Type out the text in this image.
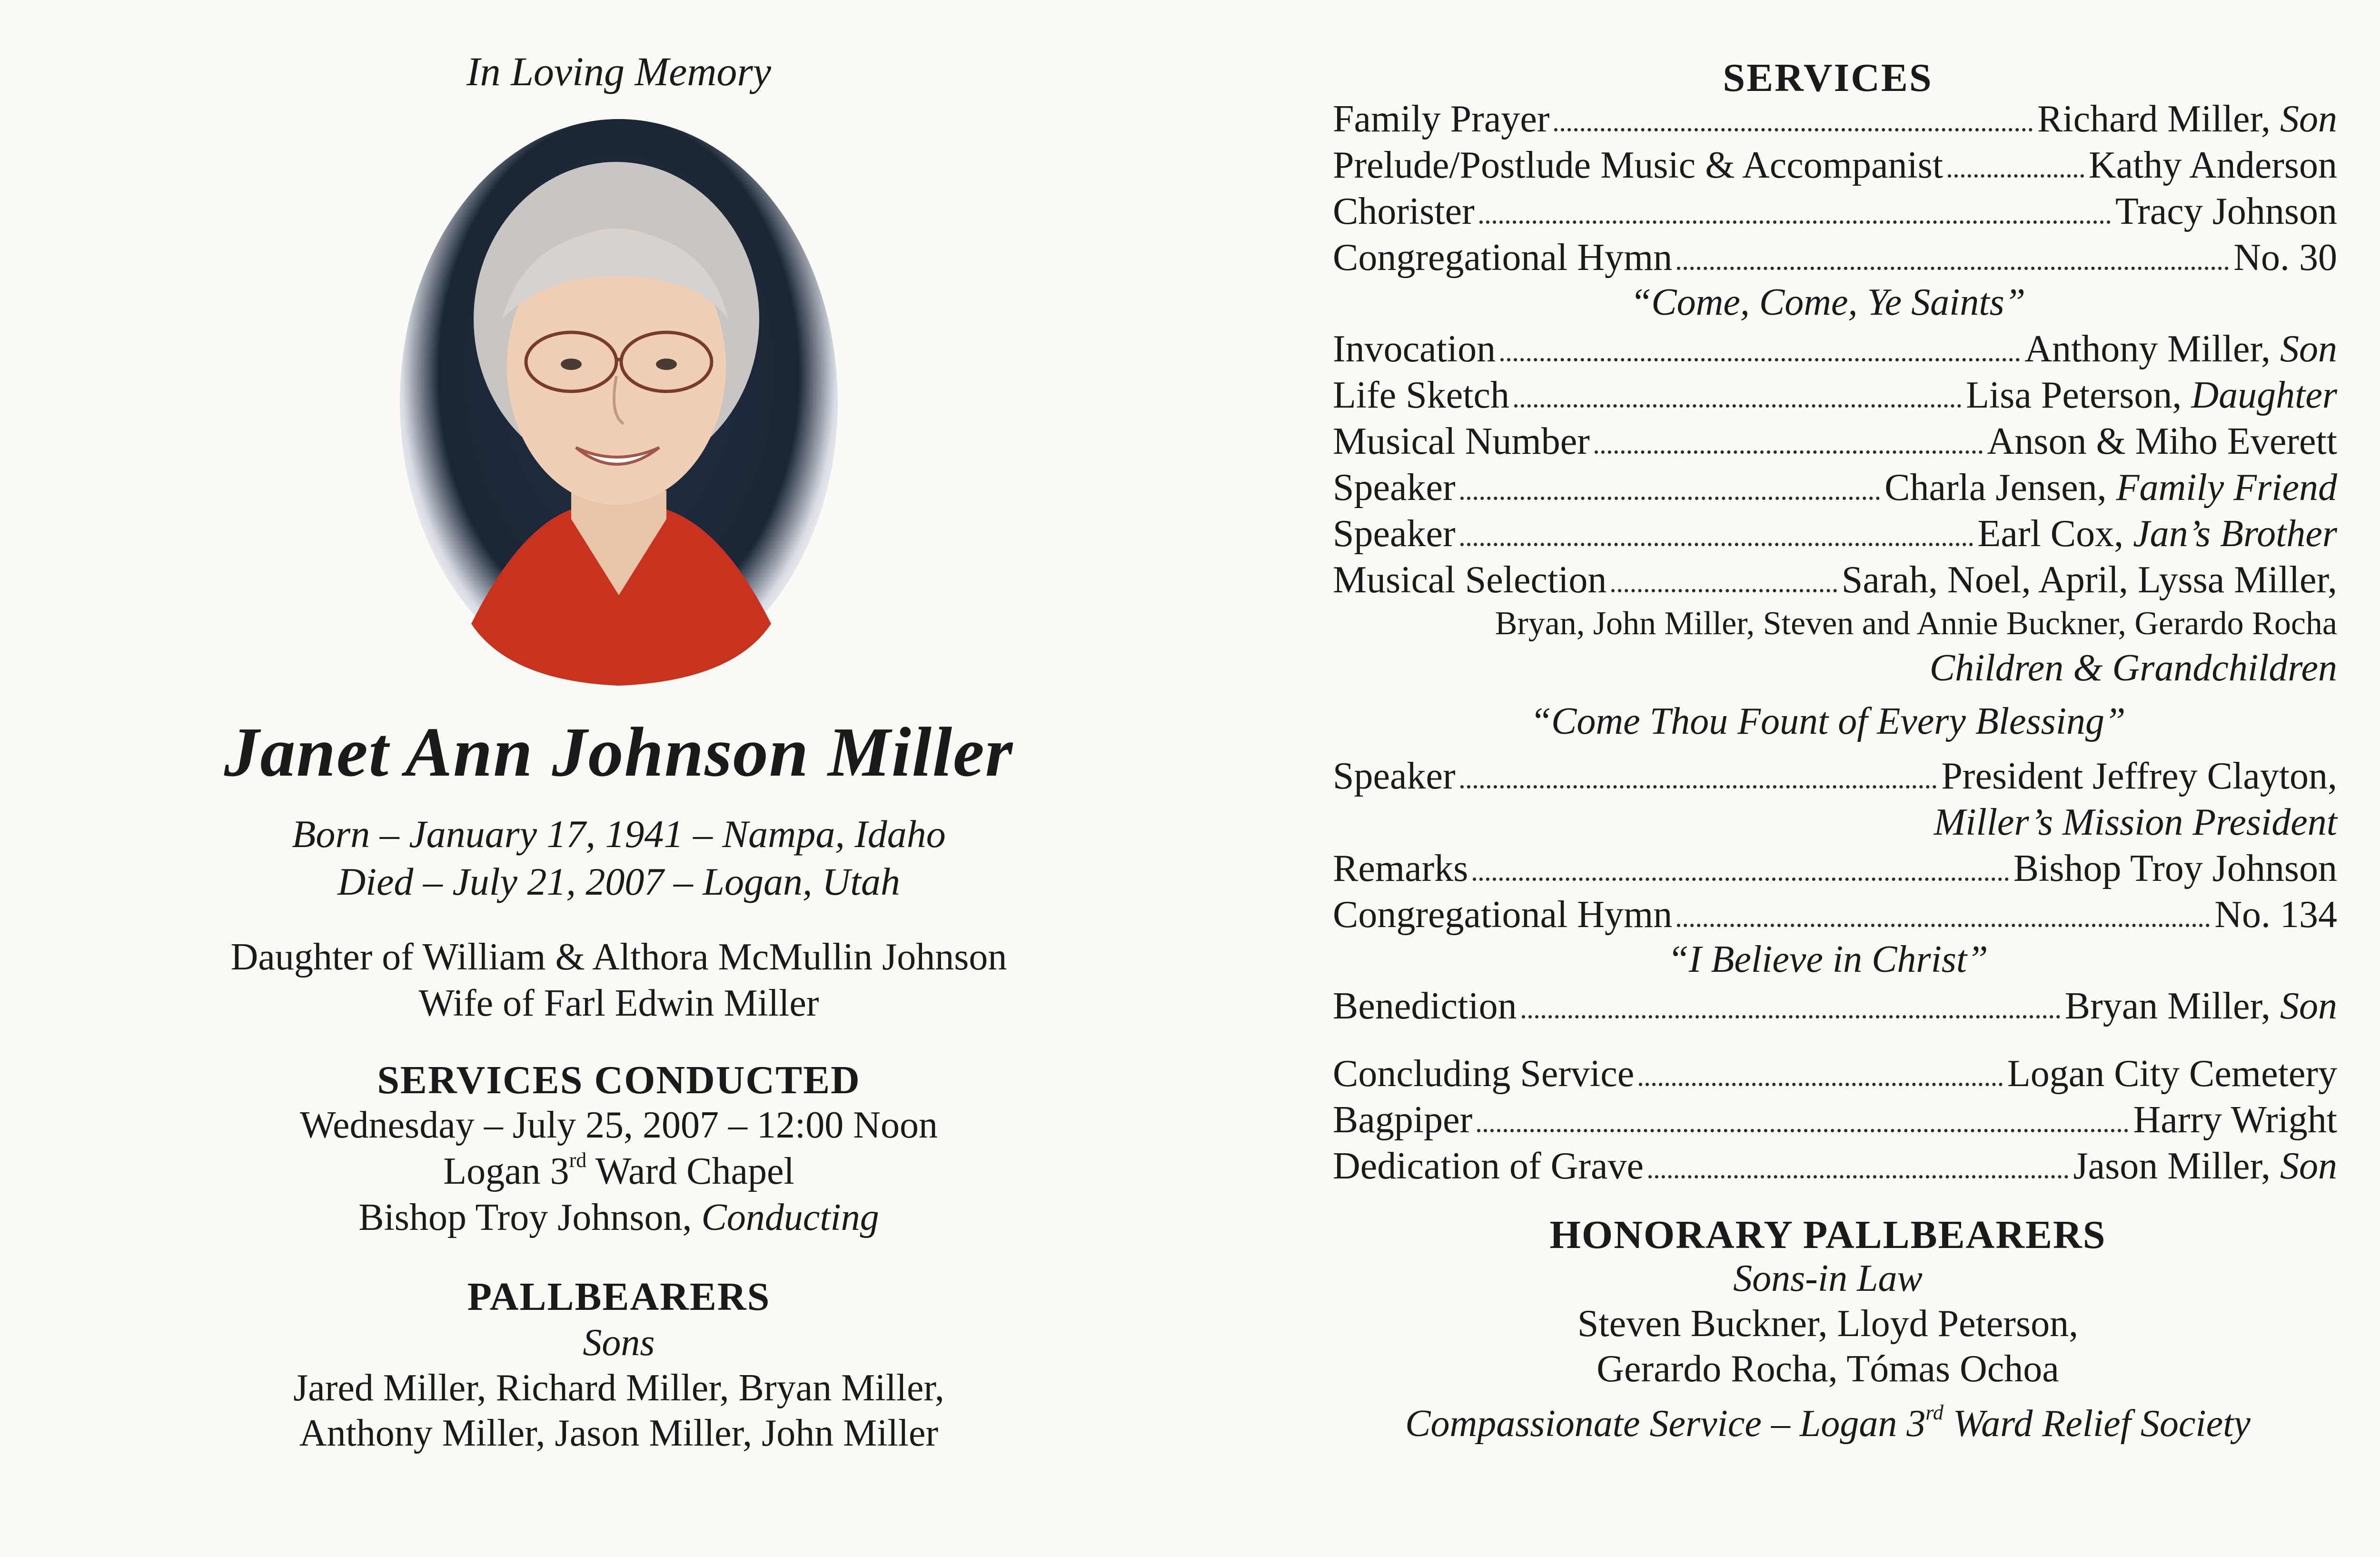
In Loving Memory
Janet Ann Johnson Miller
Born – January 17, 1941 – Nampa, Idaho
Died – July 21, 2007 – Logan, Utah
Daughter of William & Althora McMullin Johnson
Wife of Farl Edwin Miller
SERVICES CONDUCTED
Wednesday – July 25, 2007 – 12:00 Noon
Logan 3rd Ward Chapel
Bishop Troy Johnson, Conducting
PALLBEARERS
Sons
Jared Miller, Richard Miller, Bryan Miller,
Anthony Miller, Jason Miller, John Miller
SERVICES
Family Prayer	Richard Miller, Son
Prelude/Postlude Music & Accompanist	Kathy Anderson
Chorister	Tracy Johnson
Congregational Hymn	No. 30
“Come, Come, Ye Saints”
Invocation	Anthony Miller, Son
Life Sketch	Lisa Peterson, Daughter
Musical Number	Anson & Miho Everett
Speaker	Charla Jensen, Family Friend
Speaker	Earl Cox, Jan’s Brother
Musical Selection	Sarah, Noel, April, Lyssa Miller,
Bryan, John Miller, Steven and Annie Buckner, Gerardo Rocha
Children & Grandchildren
“Come Thou Fount of Every Blessing”
Speaker	President Jeffrey Clayton,
Miller’s Mission President
Remarks	Bishop Troy Johnson
Congregational Hymn	No. 134
“I Believe in Christ”
Benediction	Bryan Miller, Son
Concluding Service	Logan City Cemetery
Bagpiper	Harry Wright
Dedication of Grave	Jason Miller, Son
HONORARY PALLBEARERS
Sons-in Law
Steven Buckner, Lloyd Peterson,
Gerardo Rocha, Tómas Ochoa
Compassionate Service – Logan 3rd Ward Relief Society
